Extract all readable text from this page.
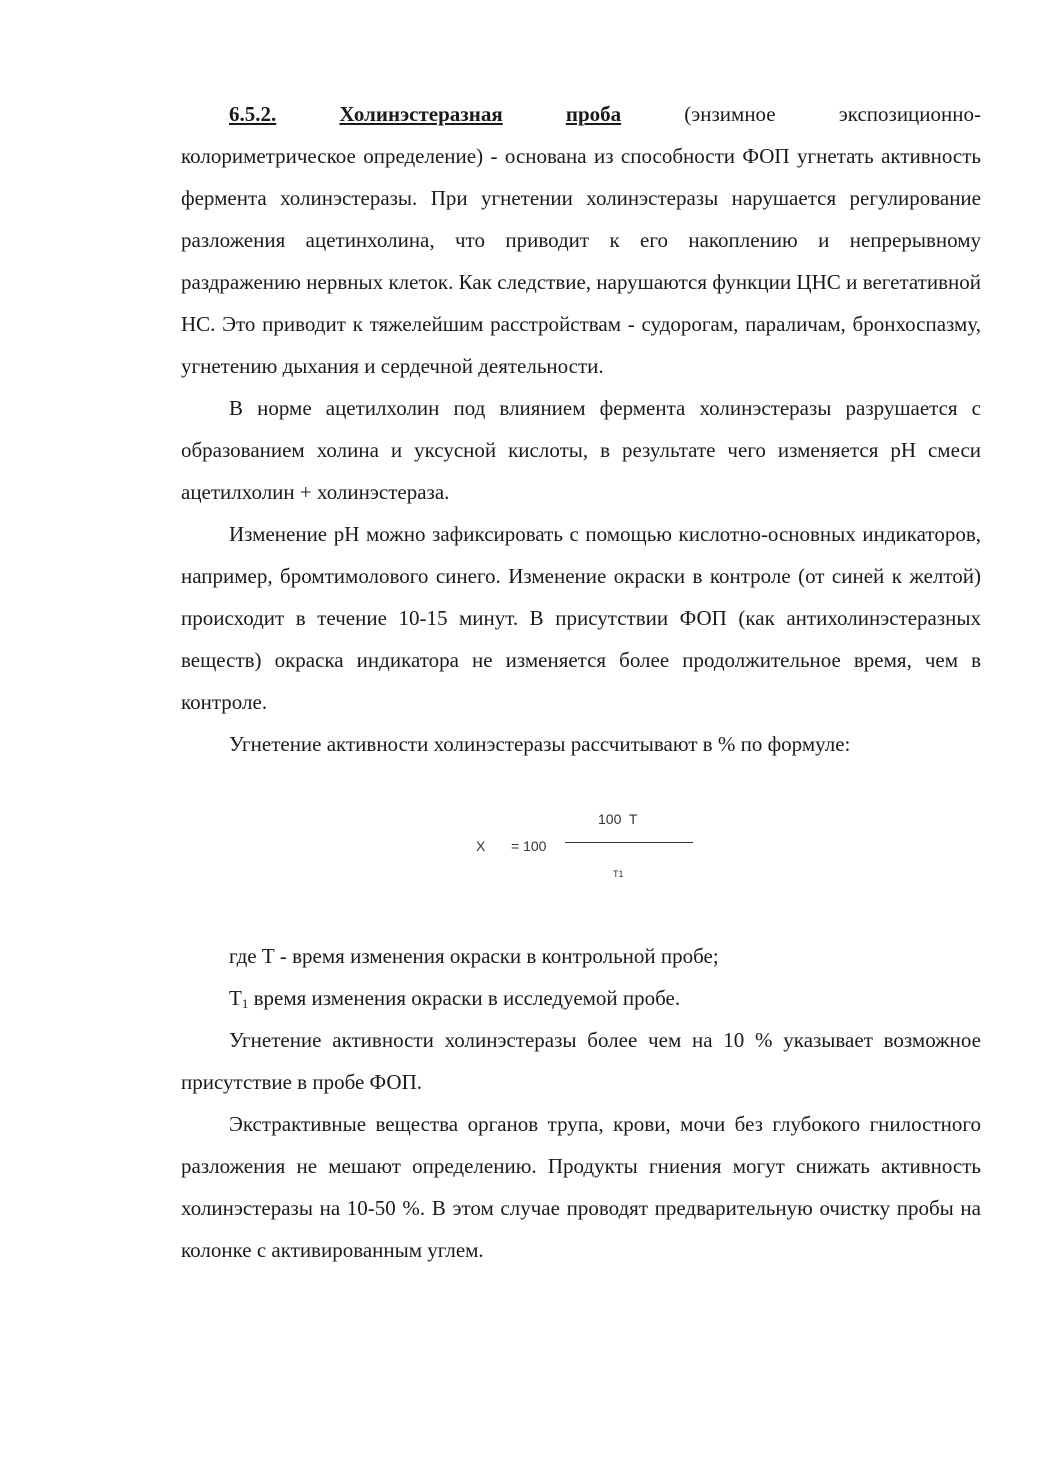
6.5.2.	Холинэстеразная	проба	(энзимное	экспозиционно-

колориметрическое определение) - основана из способности ФОП угнетать активность фермента холинэстеразы. При угнетении холинэстеразы нарушается регулирование разложения ацетинхолина, что приводит к его накоплению и непрерывному раздражению нервных клеток. Как следствие, нарушаются функции ЦНС и вегетативной НС. Это приводит к тяжелейшим расстройствам - судорогам, параличам, бронхоспазму, угнетению дыхания и сердечной деятельности.

В норме ацетилхолин под влиянием фермента холинэстеразы разрушается с образованием холина и уксусной кислоты, в результате чего изменяется pH смеси ацетилхолин + холинэстераза.

Изменение pH можно зафиксировать с помощью кислотно-основных индикаторов, например, бромтимолового синего. Изменение окраски в контроле (от синей к желтой) происходит в течение 10-15 минут. В присутствии ФОП (как антихолинэстеразных веществ) окраска индикатора не изменяется более продолжительное время, чем в контроле.

Угнетение активности холинэстеразы рассчитывают в % по формуле:

X = 100
100  T
T1

где Т - время изменения окраски в контрольной пробе;

$Т_1$ время изменения окраски в исследуемой пробе.

Угнетение активности холинэстеразы более чем на 10 % указывает возможное присутствие в пробе ФОП.

Экстрактивные вещества органов трупа, крови, мочи без глубокого гнилостного разложения не мешают определению. Продукты гниения могут снижать активность холинэстеразы на 10-50 %. В этом случае проводят предварительную очистку пробы на колонке с активированным углем.
